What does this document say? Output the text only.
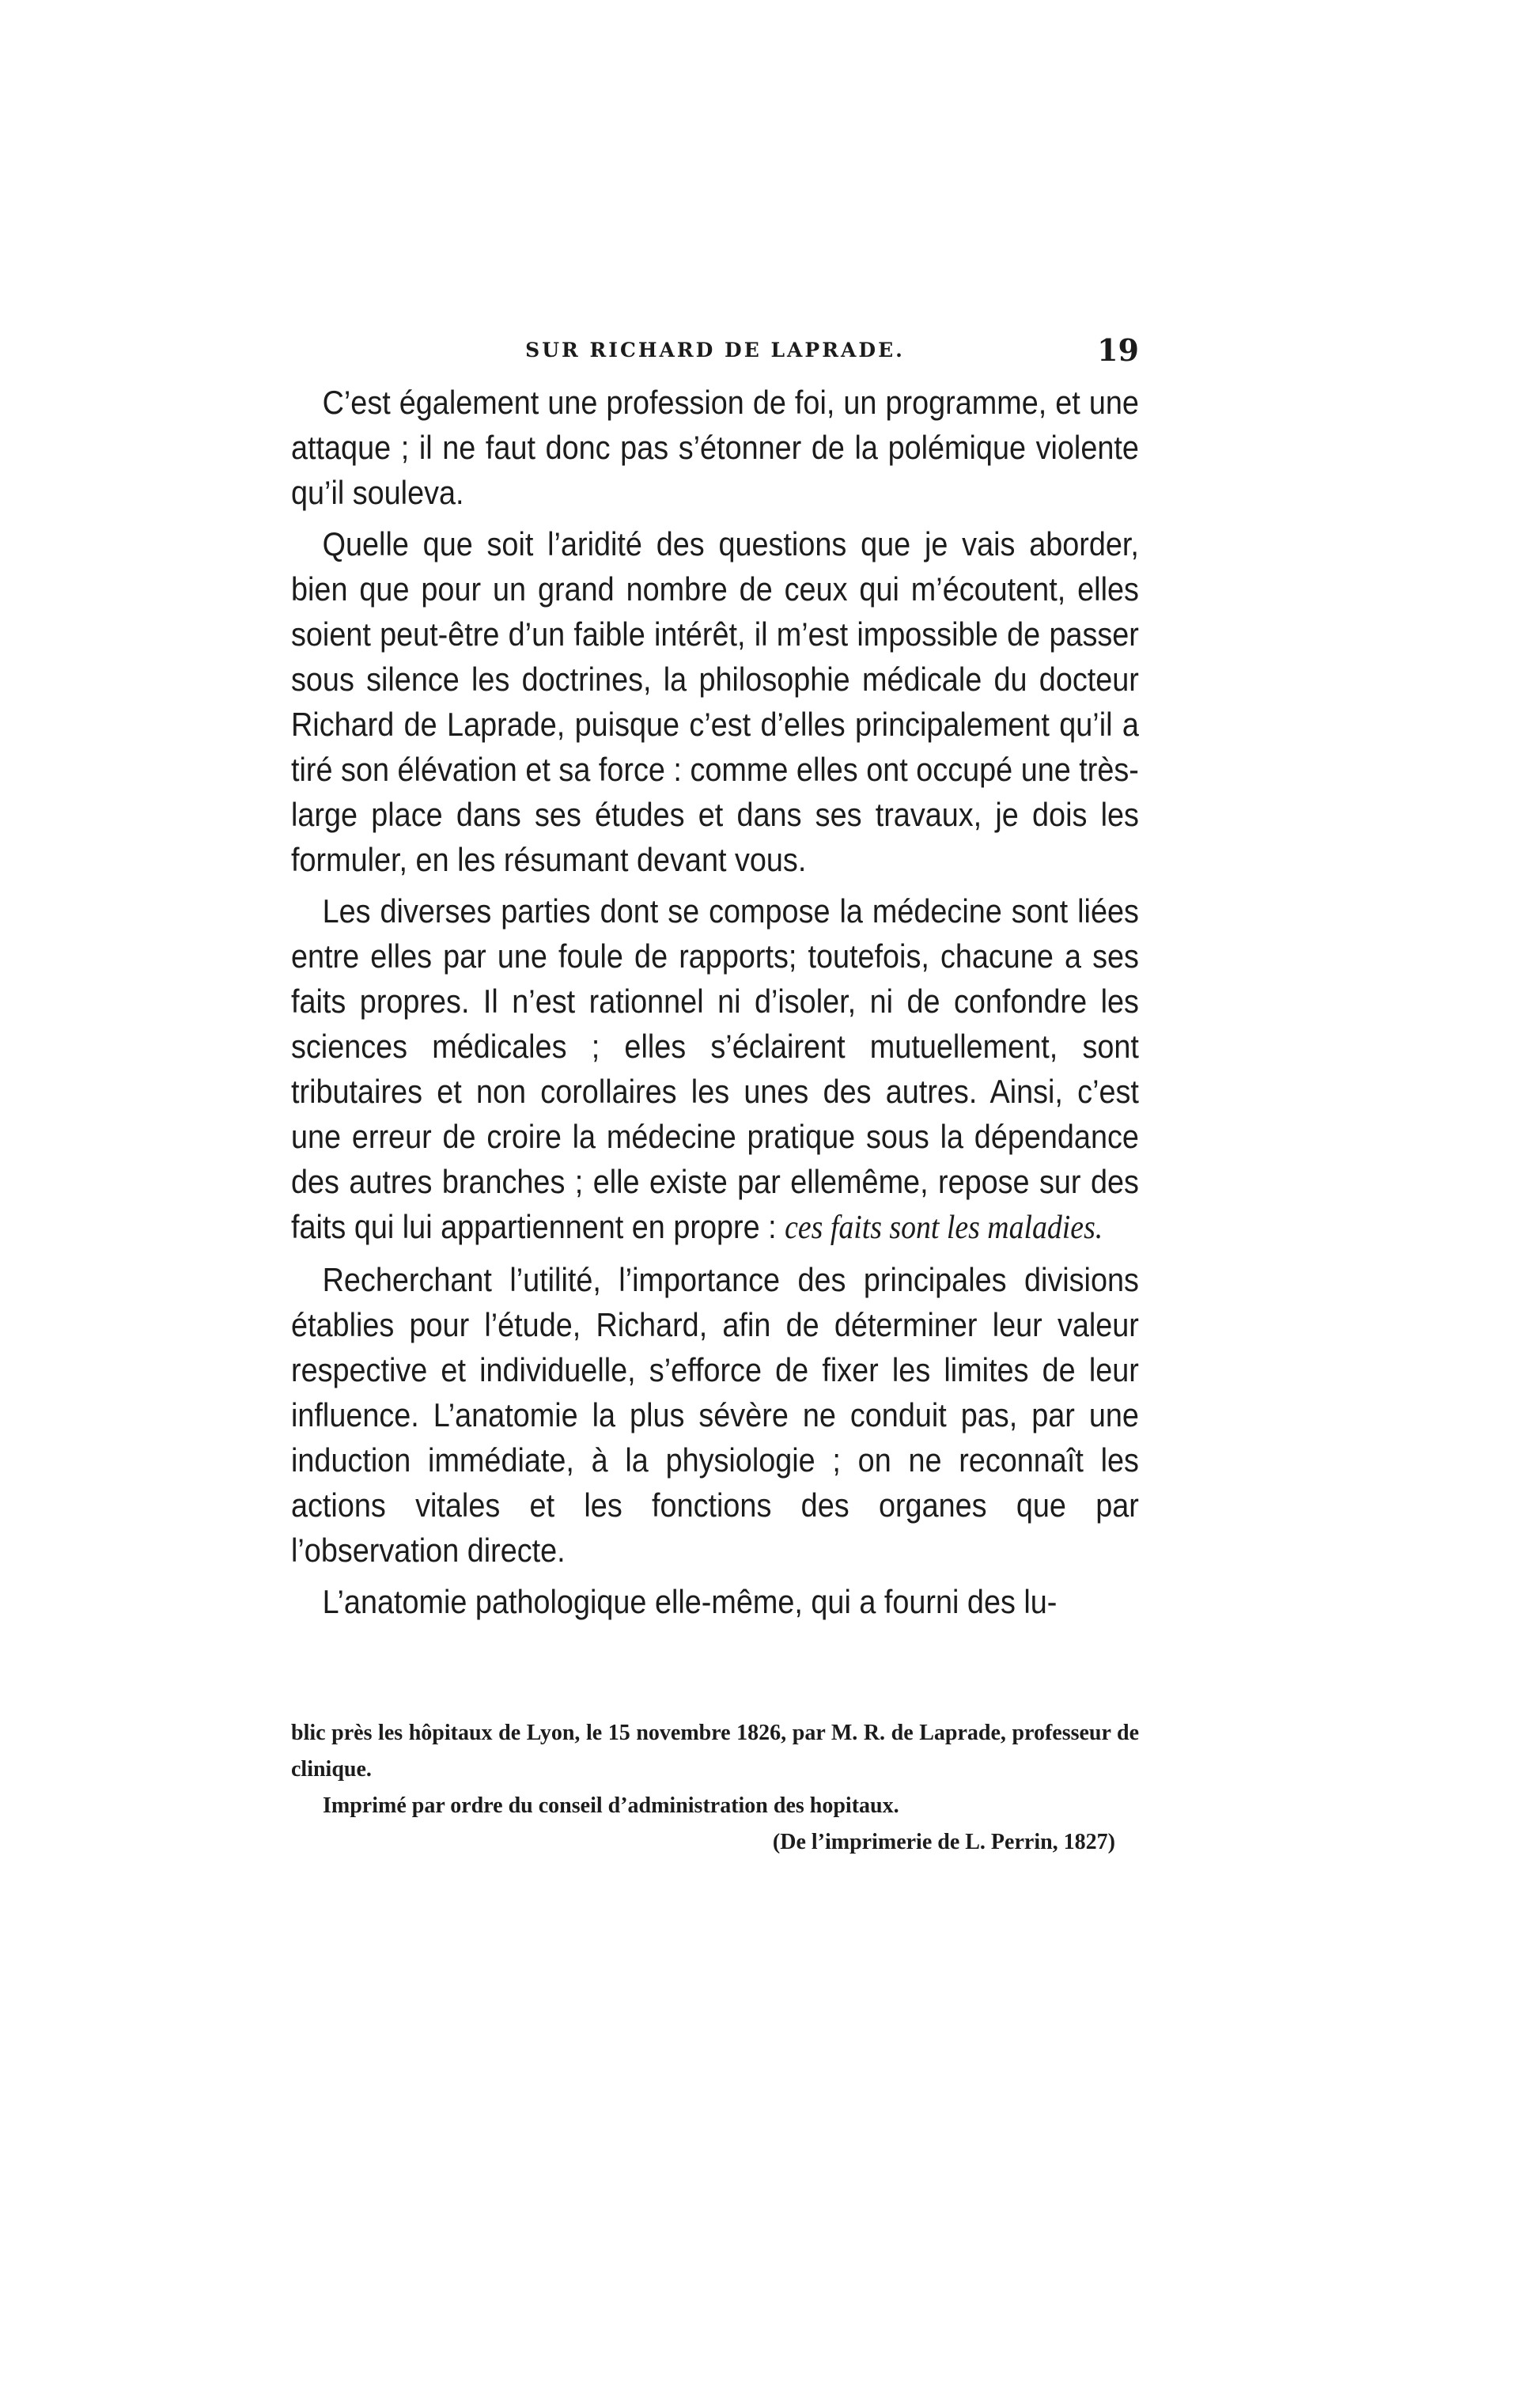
SUR RICHARD DE LAPRADE.	19

C’est également une profession de foi, un programme, et une attaque ; il ne faut donc pas s’étonner de la polémique violente qu’il souleva.

Quelle que soit l’aridité des questions que je vais aborder, bien que pour un grand nombre de ceux qui m’écoutent, elles soient peut-être d’un faible intérêt, il m’est impossible de passer sous silence les doctrines, la philosophie médicale du docteur Richard de Laprade, puisque c’est d’elles principalement qu’il a tiré son élévation et sa force : comme elles ont occupé une très-large place dans ses études et dans ses travaux, je dois les formuler, en les résumant devant vous.

Les diverses parties dont se compose la médecine sont liées entre elles par une foule de rapports; toutefois, chacune a ses faits propres. Il n’est rationnel ni d’isoler, ni de confondre les sciences médicales ; elles s’éclairent mutuellement, sont tributaires et non corollaires les unes des autres. Ainsi, c’est une erreur de croire la médecine pratique sous la dépendance des autres branches ; elle existe par ellemême, repose sur des faits qui lui appartiennent en propre : ces faits sont les maladies.

Recherchant l’utilité, l’importance des principales divisions établies pour l’étude, Richard, afin de déterminer leur valeur respective et individuelle, s’efforce de fixer les limites de leur influence. L’anatomie la plus sévère ne conduit pas, par une induction immédiate, à la physiologie ; on ne reconnaît les actions vitales et les fonctions des organes que par l’observation directe.

L’anatomie pathologique elle-même, qui a fourni des lu-

blic près les hôpitaux de Lyon, le 15 novembre 1826, par M. R. de Laprade, professeur de clinique.

Imprimé par ordre du conseil d’administration des hopitaux.

(De l’imprimerie de L. Perrin, 1827)
